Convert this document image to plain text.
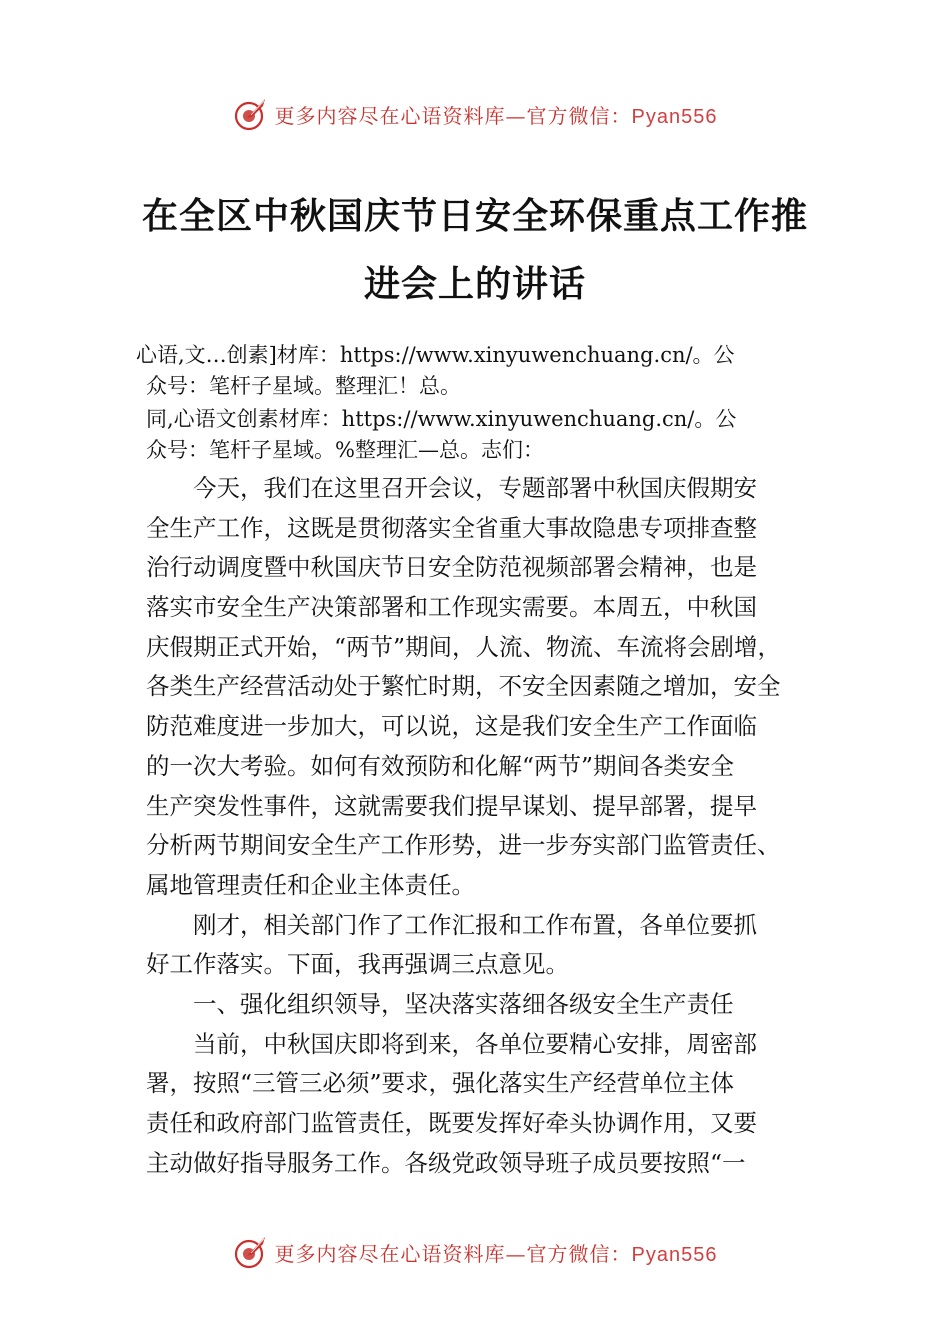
更多内容尽在心语资料库—官方微信：Pyan556
在全区中秋国庆节日安全环保重点工作推
进会上的讲话
心语,文…创素]材库：https://www.xinyuwenchuang.cn/。公
众号：笔杆子星域。整理汇！总。
同,心语文创素材库：https://www.xinyuwenchuang.cn/。公
众号：笔杆子星域。%整理汇—总。志们：
　　今天，我们在这里召开会议，专题部署中秋国庆假期安
全生产工作，这既是贯彻落实全省重大事故隐患专项排查整
治行动调度暨中秋国庆节日安全防范视频部署会精神，也是
落实市安全生产决策部署和工作现实需要。本周五，中秋国
庆假期正式开始，“两节”期间，人流、物流、车流将会剧增，
各类生产经营活动处于繁忙时期，不安全因素随之增加，安全
防范难度进一步加大，可以说，这是我们安全生产工作面临
的一次大考验。如何有效预防和化解“两节”期间各类安全
生产突发性事件，这就需要我们提早谋划、提早部署，提早
分析两节期间安全生产工作形势，进一步夯实部门监管责任、
属地管理责任和企业主体责任。
　　刚才，相关部门作了工作汇报和工作布置，各单位要抓
好工作落实。下面，我再强调三点意见。
　　一、强化组织领导，坚决落实落细各级安全生产责任
　　当前，中秋国庆即将到来，各单位要精心安排，周密部
署，按照“三管三必须”要求，强化落实生产经营单位主体
责任和政府部门监管责任，既要发挥好牵头协调作用，又要
主动做好指导服务工作。各级党政领导班子成员要按照“一
更多内容尽在心语资料库—官方微信：Pyan556
